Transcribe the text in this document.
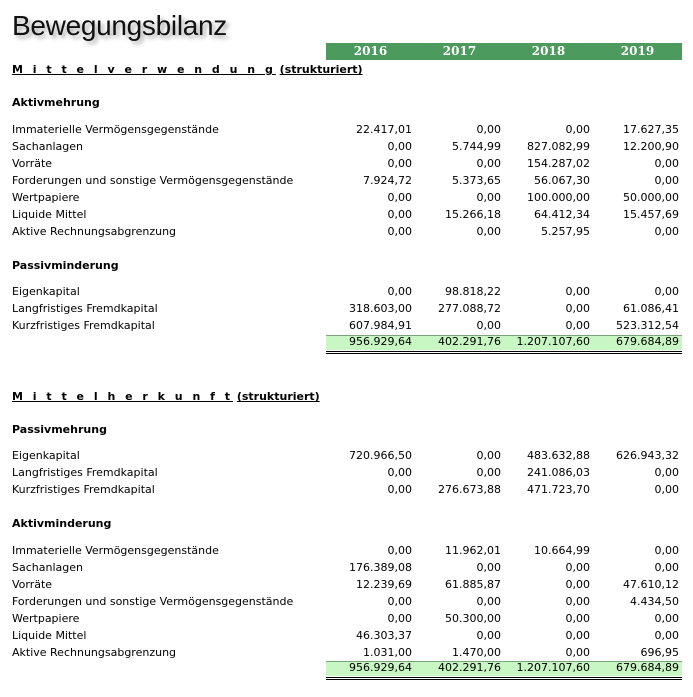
Bewegungsbilanz
2016	2017	2018	2019
M i t t e l v e r w e n d u n g (strukturiert)
Aktivmehrung
Immaterielle Vermögensgegenstände	22.417,01	0,00	0,00	17.627,35
Sachanlagen	0,00	5.744,99	827.082,99	12.200,90
Vorräte	0,00	0,00	154.287,02	0,00
Forderungen und sonstige Vermögensgegenstände	7.924,72	5.373,65	56.067,30	0,00
Wertpapiere	0,00	0,00	100.000,00	50.000,00
Liquide Mittel	0,00	15.266,18	64.412,34	15.457,69
Aktive Rechnungsabgrenzung	0,00	0,00	5.257,95	0,00
Passivminderung
Eigenkapital	0,00	98.818,22	0,00	0,00
Langfristiges Fremdkapital	318.603,00	277.088,72	0,00	61.086,41
Kurzfristiges Fremdkapital	607.984,91	0,00	0,00	523.312,54
956.929,64	402.291,76	1.207.107,60	679.684,89
M i t t e l h e r k u n f t (strukturiert)
Passivmehrung
Eigenkapital	720.966,50	0,00	483.632,88	626.943,32
Langfristiges Fremdkapital	0,00	0,00	241.086,03	0,00
Kurzfristiges Fremdkapital	0,00	276.673,88	471.723,70	0,00
Aktivminderung
Immaterielle Vermögensgegenstände	0,00	11.962,01	10.664,99	0,00
Sachanlagen	176.389,08	0,00	0,00	0,00
Vorräte	12.239,69	61.885,87	0,00	47.610,12
Forderungen und sonstige Vermögensgegenstände	0,00	0,00	0,00	4.434,50
Wertpapiere	0,00	50.300,00	0,00	0,00
Liquide Mittel	46.303,37	0,00	0,00	0,00
Aktive Rechnungsabgrenzung	1.031,00	1.470,00	0,00	696,95
956.929,64	402.291,76	1.207.107,60	679.684,89
